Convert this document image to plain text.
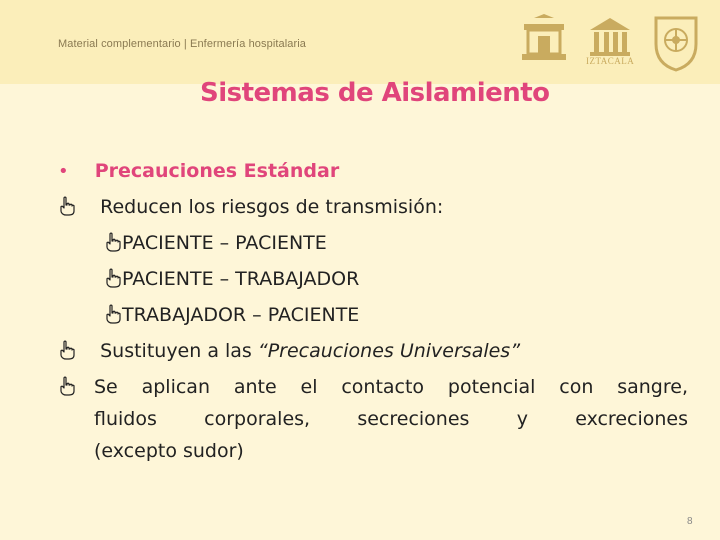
Material complementario | Enfermería hospitalaria
IZTACALA
Sistemas de Aislamiento
• Precauciones Estándar
Reducen los riesgos de transmisión:
PACIENTE – PACIENTE
PACIENTE – TRABAJADOR
TRABAJADOR – PACIENTE
Sustituyen a las “Precauciones Universales”
Se aplican ante el contacto potencial con sangre,
fluidos corporales, secreciones y excreciones
(excepto sudor)
8
